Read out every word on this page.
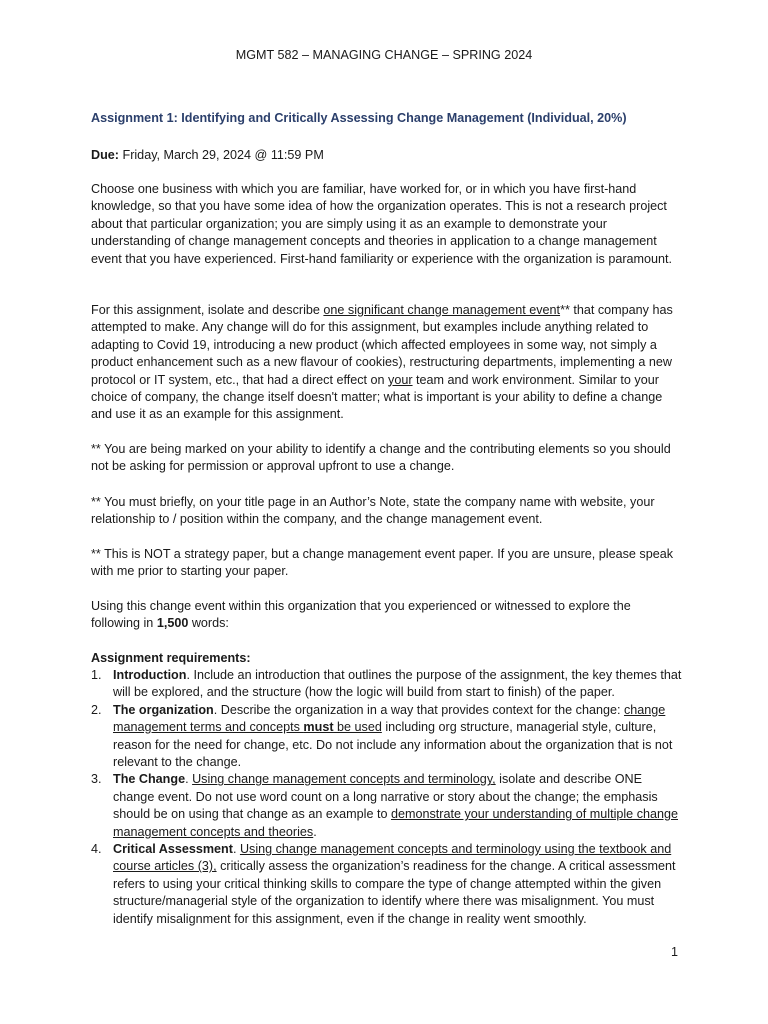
MGMT 582 – MANAGING CHANGE – SPRING 2024

Assignment 1: Identifying and Critically Assessing Change Management (Individual, 20%)

Due: Friday, March 29, 2024 @ 11:59 PM

Choose one business with which you are familiar, have worked for, or in which you have first-hand knowledge, so that you have some idea of how the organization operates. This is not a research project about that particular organization; you are simply using it as an example to demonstrate your understanding of change management concepts and theories in application to a change management event that you have experienced. First-hand familiarity or experience with the organization is paramount.

For this assignment, isolate and describe one significant change management event** that company has attempted to make. Any change will do for this assignment, but examples include anything related to adapting to Covid 19, introducing a new product (which affected employees in some way, not simply a product enhancement such as a new flavour of cookies), restructuring departments, implementing a new protocol or IT system, etc., that had a direct effect on your team and work environment. Similar to your choice of company, the change itself doesn't matter; what is important is your ability to define a change and use it as an example for this assignment.

** You are being marked on your ability to identify a change and the contributing elements so you should not be asking for permission or approval upfront to use a change.

** You must briefly, on your title page in an Author’s Note, state the company name with website, your relationship to / position within the company, and the change management event.

** This is NOT a strategy paper, but a change management event paper. If you are unsure, please speak with me prior to starting your paper.

Using this change event within this organization that you experienced or witnessed to explore the following in 1,500 words:

Assignment requirements:

1. Introduction. Include an introduction that outlines the purpose of the assignment, the key themes that will be explored, and the structure (how the logic will build from start to finish) of the paper.
2. The organization. Describe the organization in a way that provides context for the change: change management terms and concepts must be used including org structure, managerial style, culture, reason for the need for change, etc. Do not include any information about the organization that is not relevant to the change.
3. The Change. Using change management concepts and terminology, isolate and describe ONE change event. Do not use word count on a long narrative or story about the change; the emphasis should be on using that change as an example to demonstrate your understanding of multiple change management concepts and theories.
4. Critical Assessment. Using change management concepts and terminology using the textbook and course articles (3), critically assess the organization’s readiness for the change. A critical assessment refers to using your critical thinking skills to compare the type of change attempted within the given structure/managerial style of the organization to identify where there was misalignment. You must identify misalignment for this assignment, even if the change in reality went smoothly.
1
